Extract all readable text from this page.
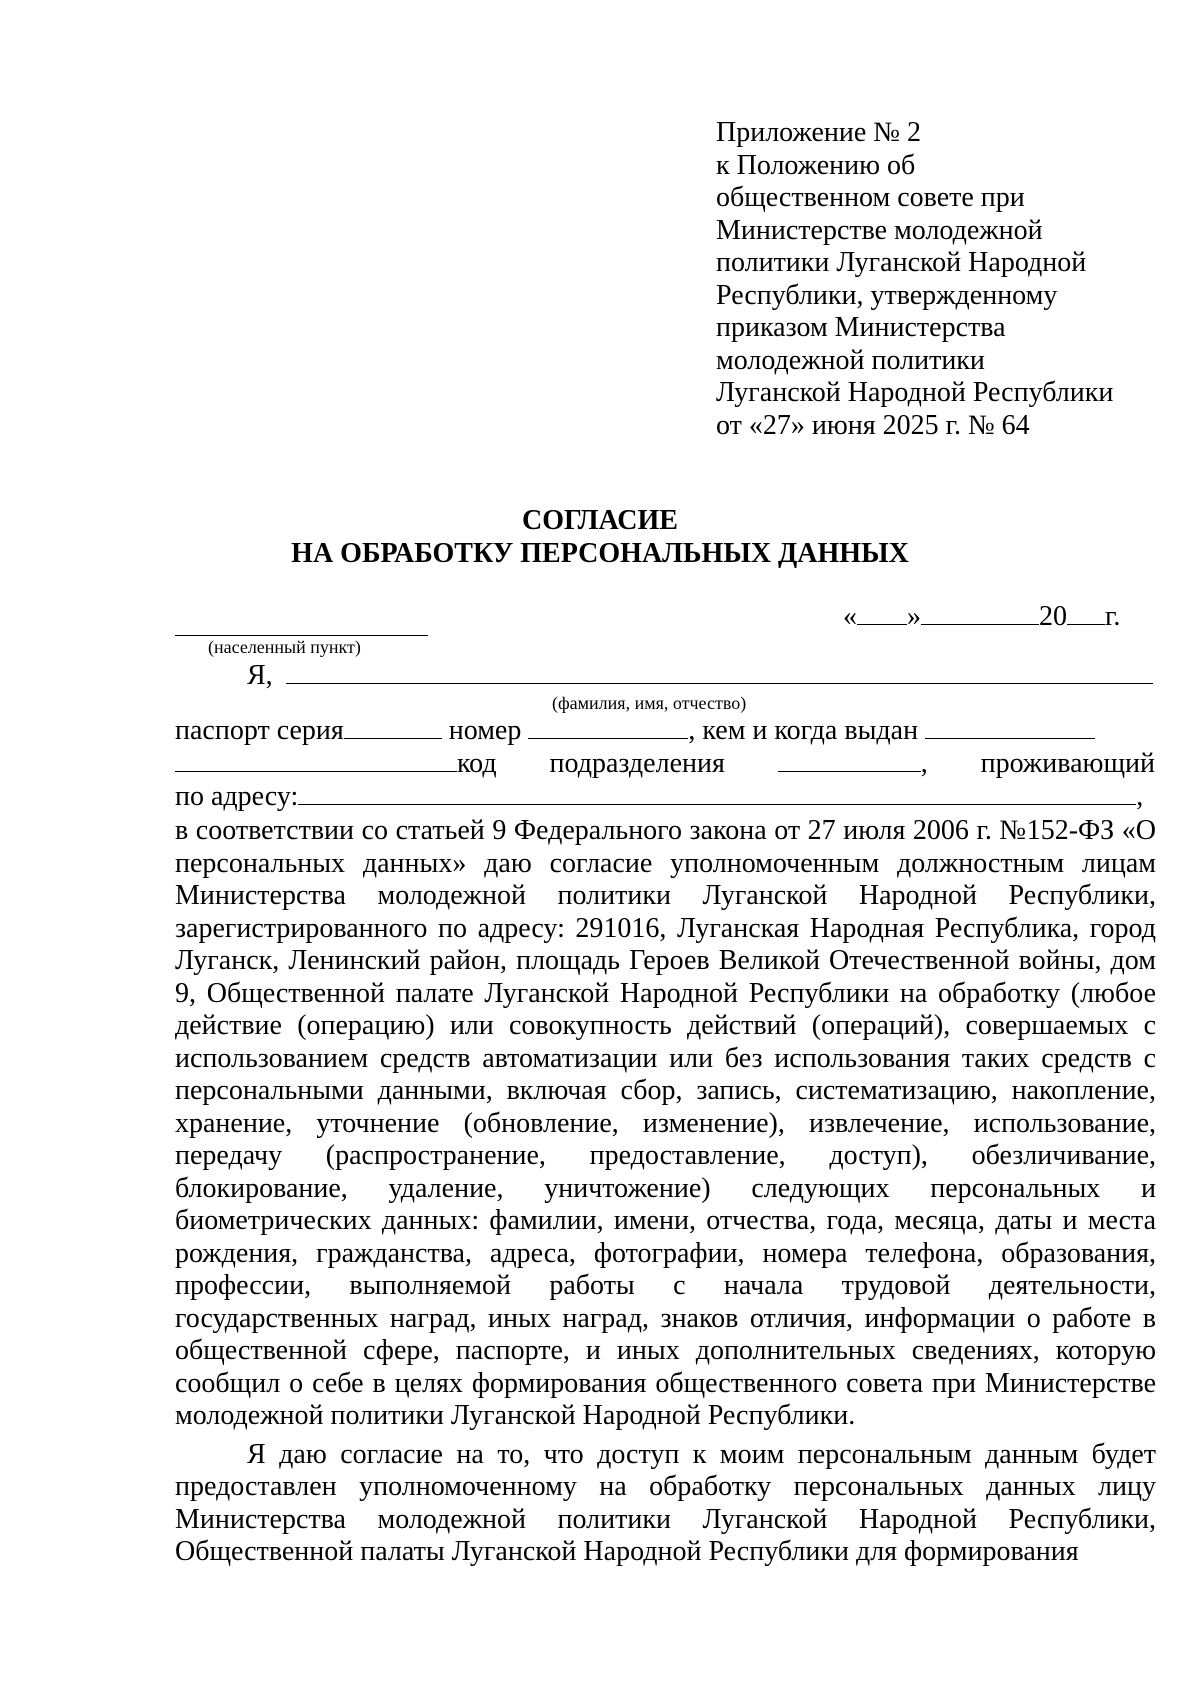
Приложение № 2
к Положению об
общественном совете при
Министерстве молодежной
политики Луганской Народной
Республики, утвержденному
приказом Министерства
молодежной политики
Луганской Народной Республики
от «27» июня 2025 г. № 64
СОГЛАСИЕ
НА ОБРАБОТКУ ПЕРСОНАЛЬНЫХ ДАННЫХ
« »	20 г.
(населенный пункт)
Я,
(фамилия, имя, отчество)
паспорт серия	номер	, кем и когда выдан
код подразделения	, проживающий
по адресу:	,

в соответствии со статьей 9 Федерального закона от 27 июля 2006 г. №152-ФЗ «О персональных данных» даю согласие уполномоченным должностным лицам Министерства молодежной политики Луганской Народной Республики, зарегистрированного по адресу: 291016, Луганская Народная Республика, город Луганск, Ленинский район, площадь Героев Великой Отечественной войны, дом 9, Общественной палате Луганской Народной Республики на обработку (любое действие (операцию) или совокупность действий (операций), совершаемых с использованием средств автоматизации или без использования таких средств с персональными данными, включая сбор, запись, систематизацию, накопление, хранение, уточнение (обновление, изменение), извлечение, использование, передачу (распространение, предоставление, доступ), обезличивание, блокирование, удаление, уничтожение) следующих персональных и биометрических данных: фамилии, имени, отчества, года, месяца, даты и места рождения, гражданства, адреса, фотографии, номера телефона, образования, профессии, выполняемой работы с начала трудовой деятельности, государственных наград, иных наград, знаков отличия, информации о работе в общественной сфере, паспорте, и иных дополнительных сведениях, которую сообщил о себе в целях формирования общественного совета при Министерстве молодежной политики Луганской Народной Республики.

Я даю согласие на то, что доступ к моим персональным данным будет предоставлен уполномоченному на обработку персональных данных лицу Министерства молодежной политики Луганской Народной Республики, Общественной палаты Луганской Народной Республики для формирования
